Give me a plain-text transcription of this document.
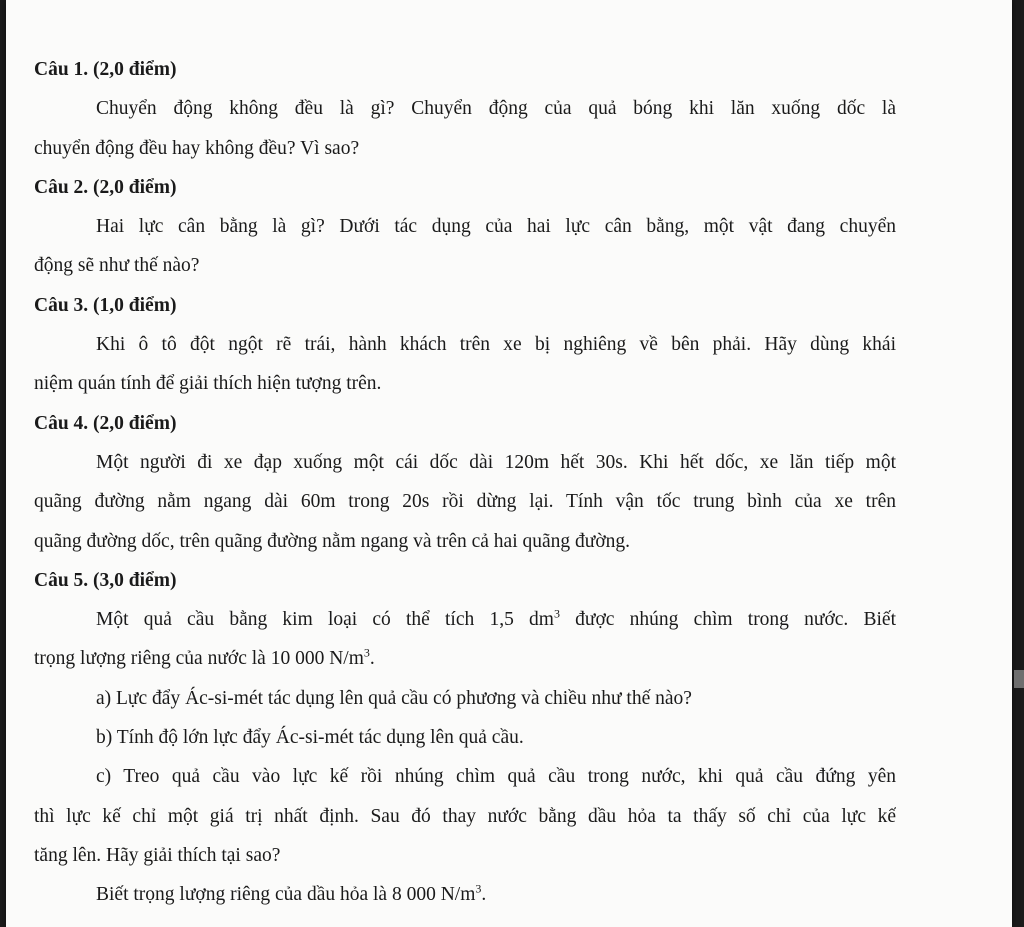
Câu 1. (2,0 điểm)
Chuyển động không đều là gì? Chuyển động của quả bóng khi lăn xuống dốc là
chuyển động đều hay không đều? Vì sao?
Câu 2. (2,0 điểm)
Hai lực cân bằng là gì? Dưới tác dụng của hai lực cân bằng, một vật đang chuyển
động sẽ như thế nào?
Câu 3. (1,0 điểm)
Khi ô tô đột ngột rẽ trái, hành khách trên xe bị nghiêng về bên phải. Hãy dùng khái
niệm quán tính để giải thích hiện tượng trên.
Câu 4. (2,0 điểm)
Một người đi xe đạp xuống một cái dốc dài 120m hết 30s. Khi hết dốc, xe lăn tiếp một
quãng đường nằm ngang dài 60m trong 20s rồi dừng lại. Tính vận tốc trung bình của xe trên
quãng đường dốc, trên quãng đường nằm ngang và trên cả hai quãng đường.
Câu 5. (3,0 điểm)
Một quả cầu bằng kim loại có thể tích 1,5 $dm^3$ được nhúng chìm trong nước. Biết
trọng lượng riêng của nước là 10 000 $N/m^3$.
a) Lực đẩy Ác-si-mét tác dụng lên quả cầu có phương và chiều như thế nào?
b) Tính độ lớn lực đẩy Ác-si-mét tác dụng lên quả cầu.
c) Treo quả cầu vào lực kế rồi nhúng chìm quả cầu trong nước, khi quả cầu đứng yên
thì lực kế chỉ một giá trị nhất định. Sau đó thay nước bằng dầu hỏa ta thấy số chỉ của lực kế
tăng lên. Hãy giải thích tại sao?
Biết trọng lượng riêng của dầu hỏa là 8 000 $N/m^3$.
